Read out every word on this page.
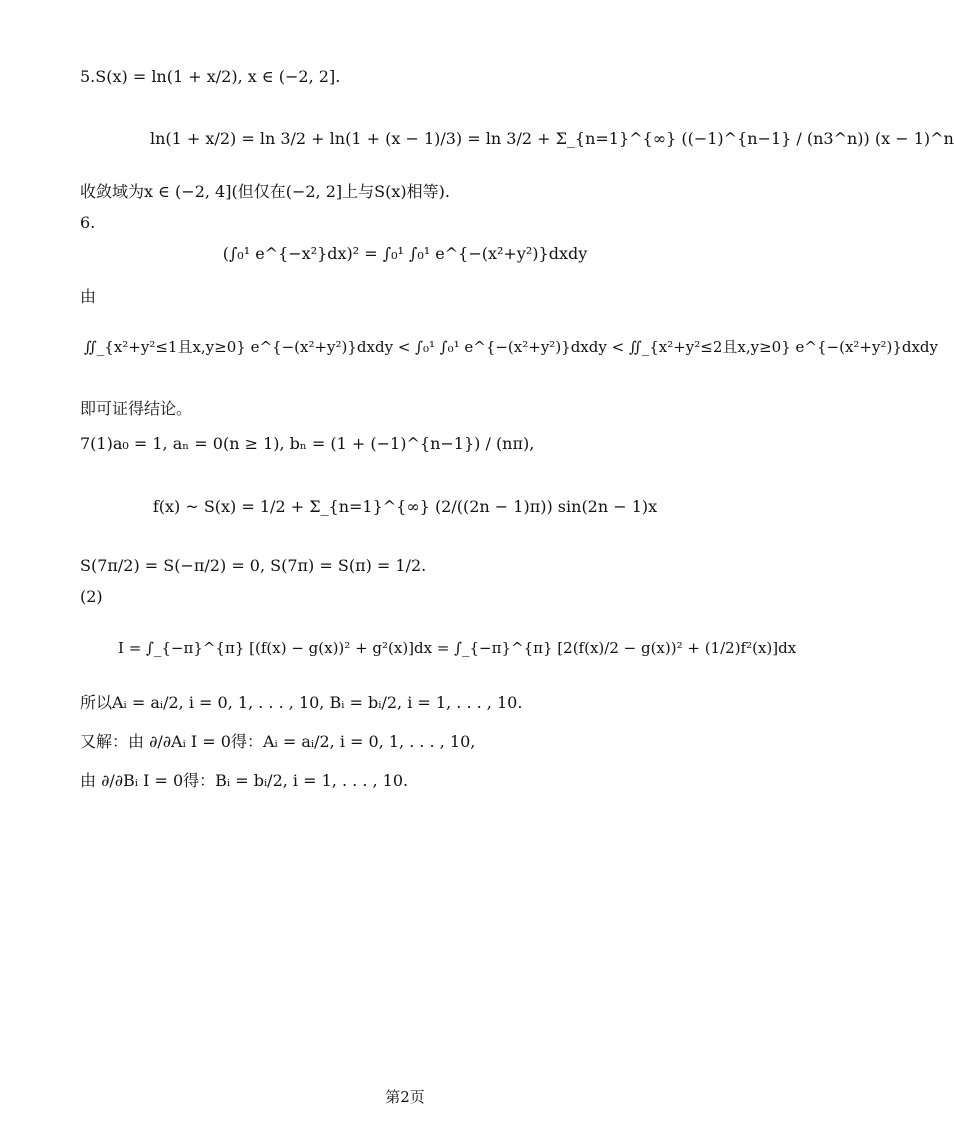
5.S(x) = ln(1 + x/2), x ∈ (−2, 2].
ln(1 + x/2) = ln 3/2 + ln(1 + (x − 1)/3) = ln 3/2 + Σ_{n=1}^{∞} ((−1)^{n−1} / (n3^n)) (x − 1)^n
收敛域为x ∈ (−2, 4](但仅在(−2, 2]上与S(x)相等).
6.
(∫₀¹ e^{−x²}dx)² = ∫₀¹ ∫₀¹ e^{−(x²+y²)}dxdy
由
∬_{x²+y²≤1且x,y≥0} e^{−(x²+y²)}dxdy < ∫₀¹ ∫₀¹ e^{−(x²+y²)}dxdy < ∬_{x²+y²≤2且x,y≥0} e^{−(x²+y²)}dxdy
即可证得结论。
7(1)a₀ = 1, aₙ = 0(n ≥ 1), bₙ = (1 + (−1)^{n−1}) / (nπ),
f(x) ~ S(x) = 1/2 + Σ_{n=1}^{∞} (2/((2n − 1)π)) sin(2n − 1)x
S(7π/2) = S(−π/2) = 0, S(7π) = S(π) = 1/2.
(2)
I = ∫_{−π}^{π} [(f(x) − g(x))² + g²(x)]dx = ∫_{−π}^{π} [2(f(x)/2 − g(x))² + (1/2)f²(x)]dx
所以Aᵢ = aᵢ/2, i = 0, 1, . . . , 10, Bᵢ = bᵢ/2, i = 1, . . . , 10.
又解：由 ∂/∂Aᵢ I = 0得：Aᵢ = aᵢ/2, i = 0, 1, . . . , 10,
由 ∂/∂Bᵢ I = 0得：Bᵢ = bᵢ/2, i = 1, . . . , 10.
第2页
